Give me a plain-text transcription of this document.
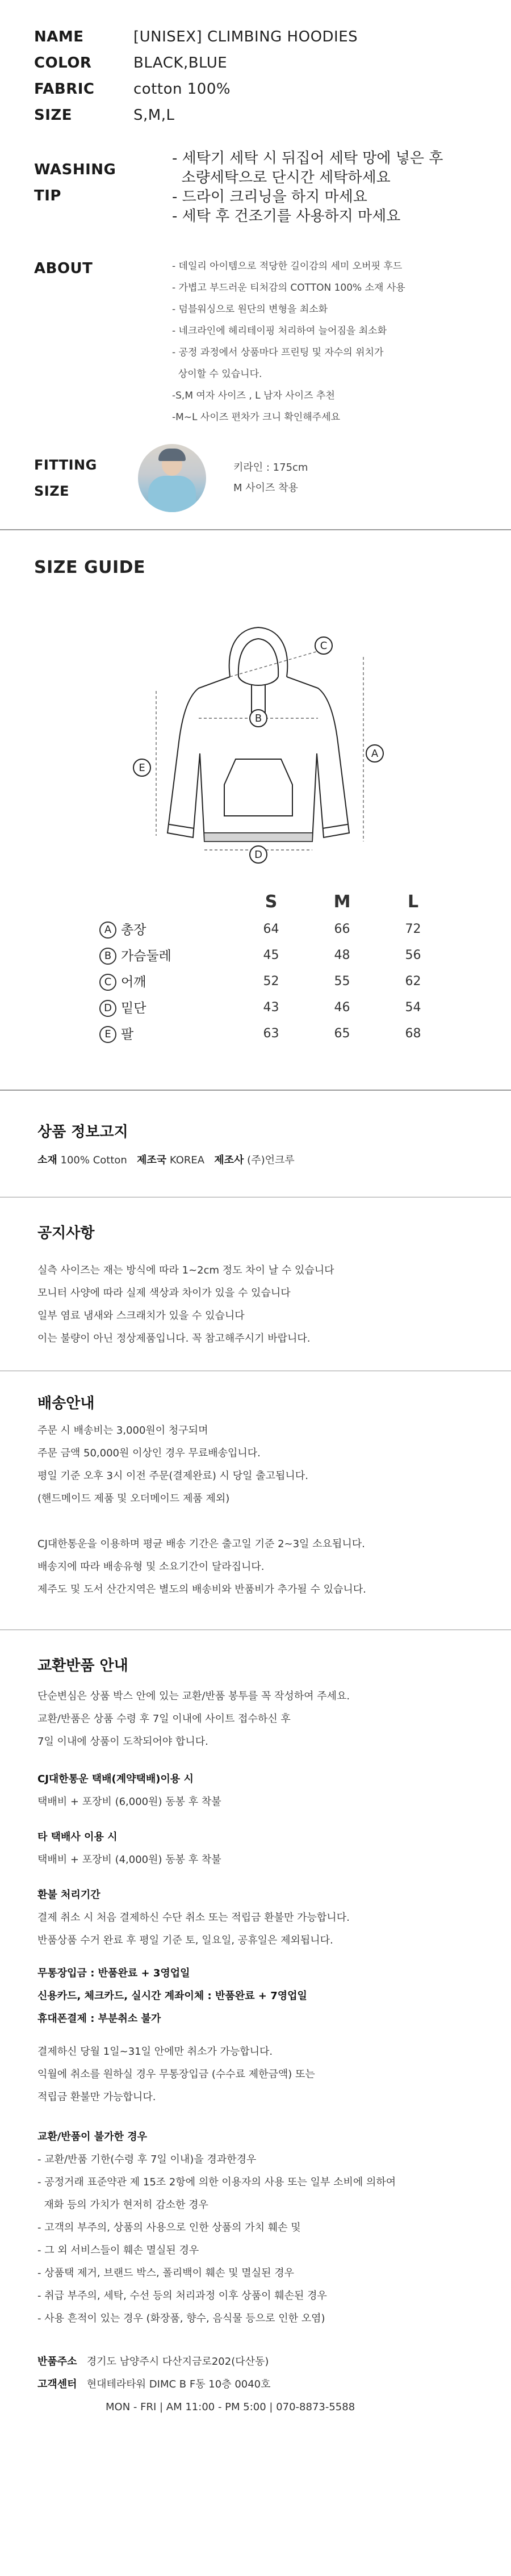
NAME	[UNISEX] CLIMBING HOODIES
COLOR	BLACK,BLUE
FABRIC	cotton 100%
SIZE	S,M,L
WASHING
TIP
- 세탁기 세탁 시 뒤집어 세탁 망에 넣은 후
소량세탁으로 단시간 세탁하세요
- 드라이 크리닝을 하지 마세요
- 세탁 후 건조기를 사용하지 마세요
ABOUT	- 데일리 아이템으로 적당한 길이감의 세미 오버핏 후드
- 가볍고 부드러운 티처감의 COTTON 100% 소재 사용
- 덤블워싱으로 원단의 변형을 최소화
- 네크라인에 헤리테이핑 처리하여 늘어짐을 최소화
- 공정 과정에서 상품마다 프린팅 및 자수의 위치가
상이할 수 있습니다.
-S,M 여자 사이즈 , L 남자 사이즈 추천
-M~L 사이즈 편차가 크니 확인해주세요
FITTING SIZE
키라인 : 175cm
M 사이즈 착용
SIZE GUIDE
C
B
A
E
D
	S	M	L
A 총장	64	66	72
B 가슴둘레	45	48	56
C 어깨	52	55	62
D 밑단	43	46	54
E 팔	63	65	68
상품 정보고지
소재 100% Cotton 제조국 KOREA 제조사 (주)언크루
공지사항
실측 사이즈는 재는 방식에 따라 1~2cm 정도 차이 날 수 있습니다
모니터 사양에 따라 실제 색상과 차이가 있을 수 있습니다
일부 염료 냄새와 스크래치가 있을 수 있습니다
이는 불량이 아닌 정상제품입니다. 꼭 참고해주시기 바랍니다.
배송안내
주문 시 배송비는 3,000원이 청구되며
주문 금액 50,000원 이상인 경우 무료배송입니다.
평일 기준 오후 3시 이전 주문(결제완료) 시 당일 출고됩니다.
(핸드메이드 제품 및 오더메이드 제품 제외)
CJ대한통운을 이용하며 평균 배송 기간은 출고일 기준 2~3일 소요됩니다.
배송지에 따라 배송유형 및 소요기간이 달라집니다.
제주도 및 도서 산간지역은 별도의 배송비와 반품비가 추가될 수 있습니다.
교환반품 안내
단순변심은 상품 박스 안에 있는 교환/반품 봉투를 꼭 작성하여 주세요.
교환/반품은 상품 수령 후 7일 이내에 사이트 접수하신 후
7일 이내에 상품이 도착되어야 합니다.
CJ대한통운 택배(계약택배)이용 시
택배비 + 포장비 (6,000원) 동봉 후 착불
타 택배사 이용 시
택배비 + 포장비 (4,000원) 동봉 후 착불
환불 처리기간
결제 취소 시 처음 결제하신 수단 취소 또는 적립금 환불만 가능합니다.
반품상품 수거 완료 후 평일 기준 토, 일요일, 공휴일은 제외됩니다.
무통장입금 : 반품완료 + 3영업일
신용카드, 체크카드, 실시간 계좌이체 : 반품완료 + 7영업일
휴대폰결제 : 부분취소 불가
결제하신 당월 1일~31일 안에만 취소가 가능합니다.
익월에 취소를 원하실 경우 무통장입금 (수수료 제한금액) 또는
적립금 환불만 가능합니다.
교환/반품이 불가한 경우
- 교환/반품 기한(수령 후 7일 이내)을 경과한경우
- 공정거래 표준약관 제 15조 2항에 의한 이용자의 사용 또는 일부 소비에 의하여
재화 등의 가치가 현저히 감소한 경우
- 고객의 부주의, 상품의 사용으로 인한 상품의 가치 훼손 및
- 그 외 서비스들이 훼손 멸실된 경우
- 상품택 제거, 브랜드 박스, 폴리백이 훼손 및 멸실된 경우
- 취급 부주의, 세탁, 수선 등의 처리과정 이후 상품이 훼손된 경우
- 사용 흔적이 있는 경우 (화장품, 향수, 음식물 등으로 인한 오염)
반품주소 경기도 남양주시 다산지금로202(다산동)
고객센터 현대테라타워 DIMC B F동 10층 0040호
MON - FRI | AM 11:00 - PM 5:00 | 070-8873-5588
